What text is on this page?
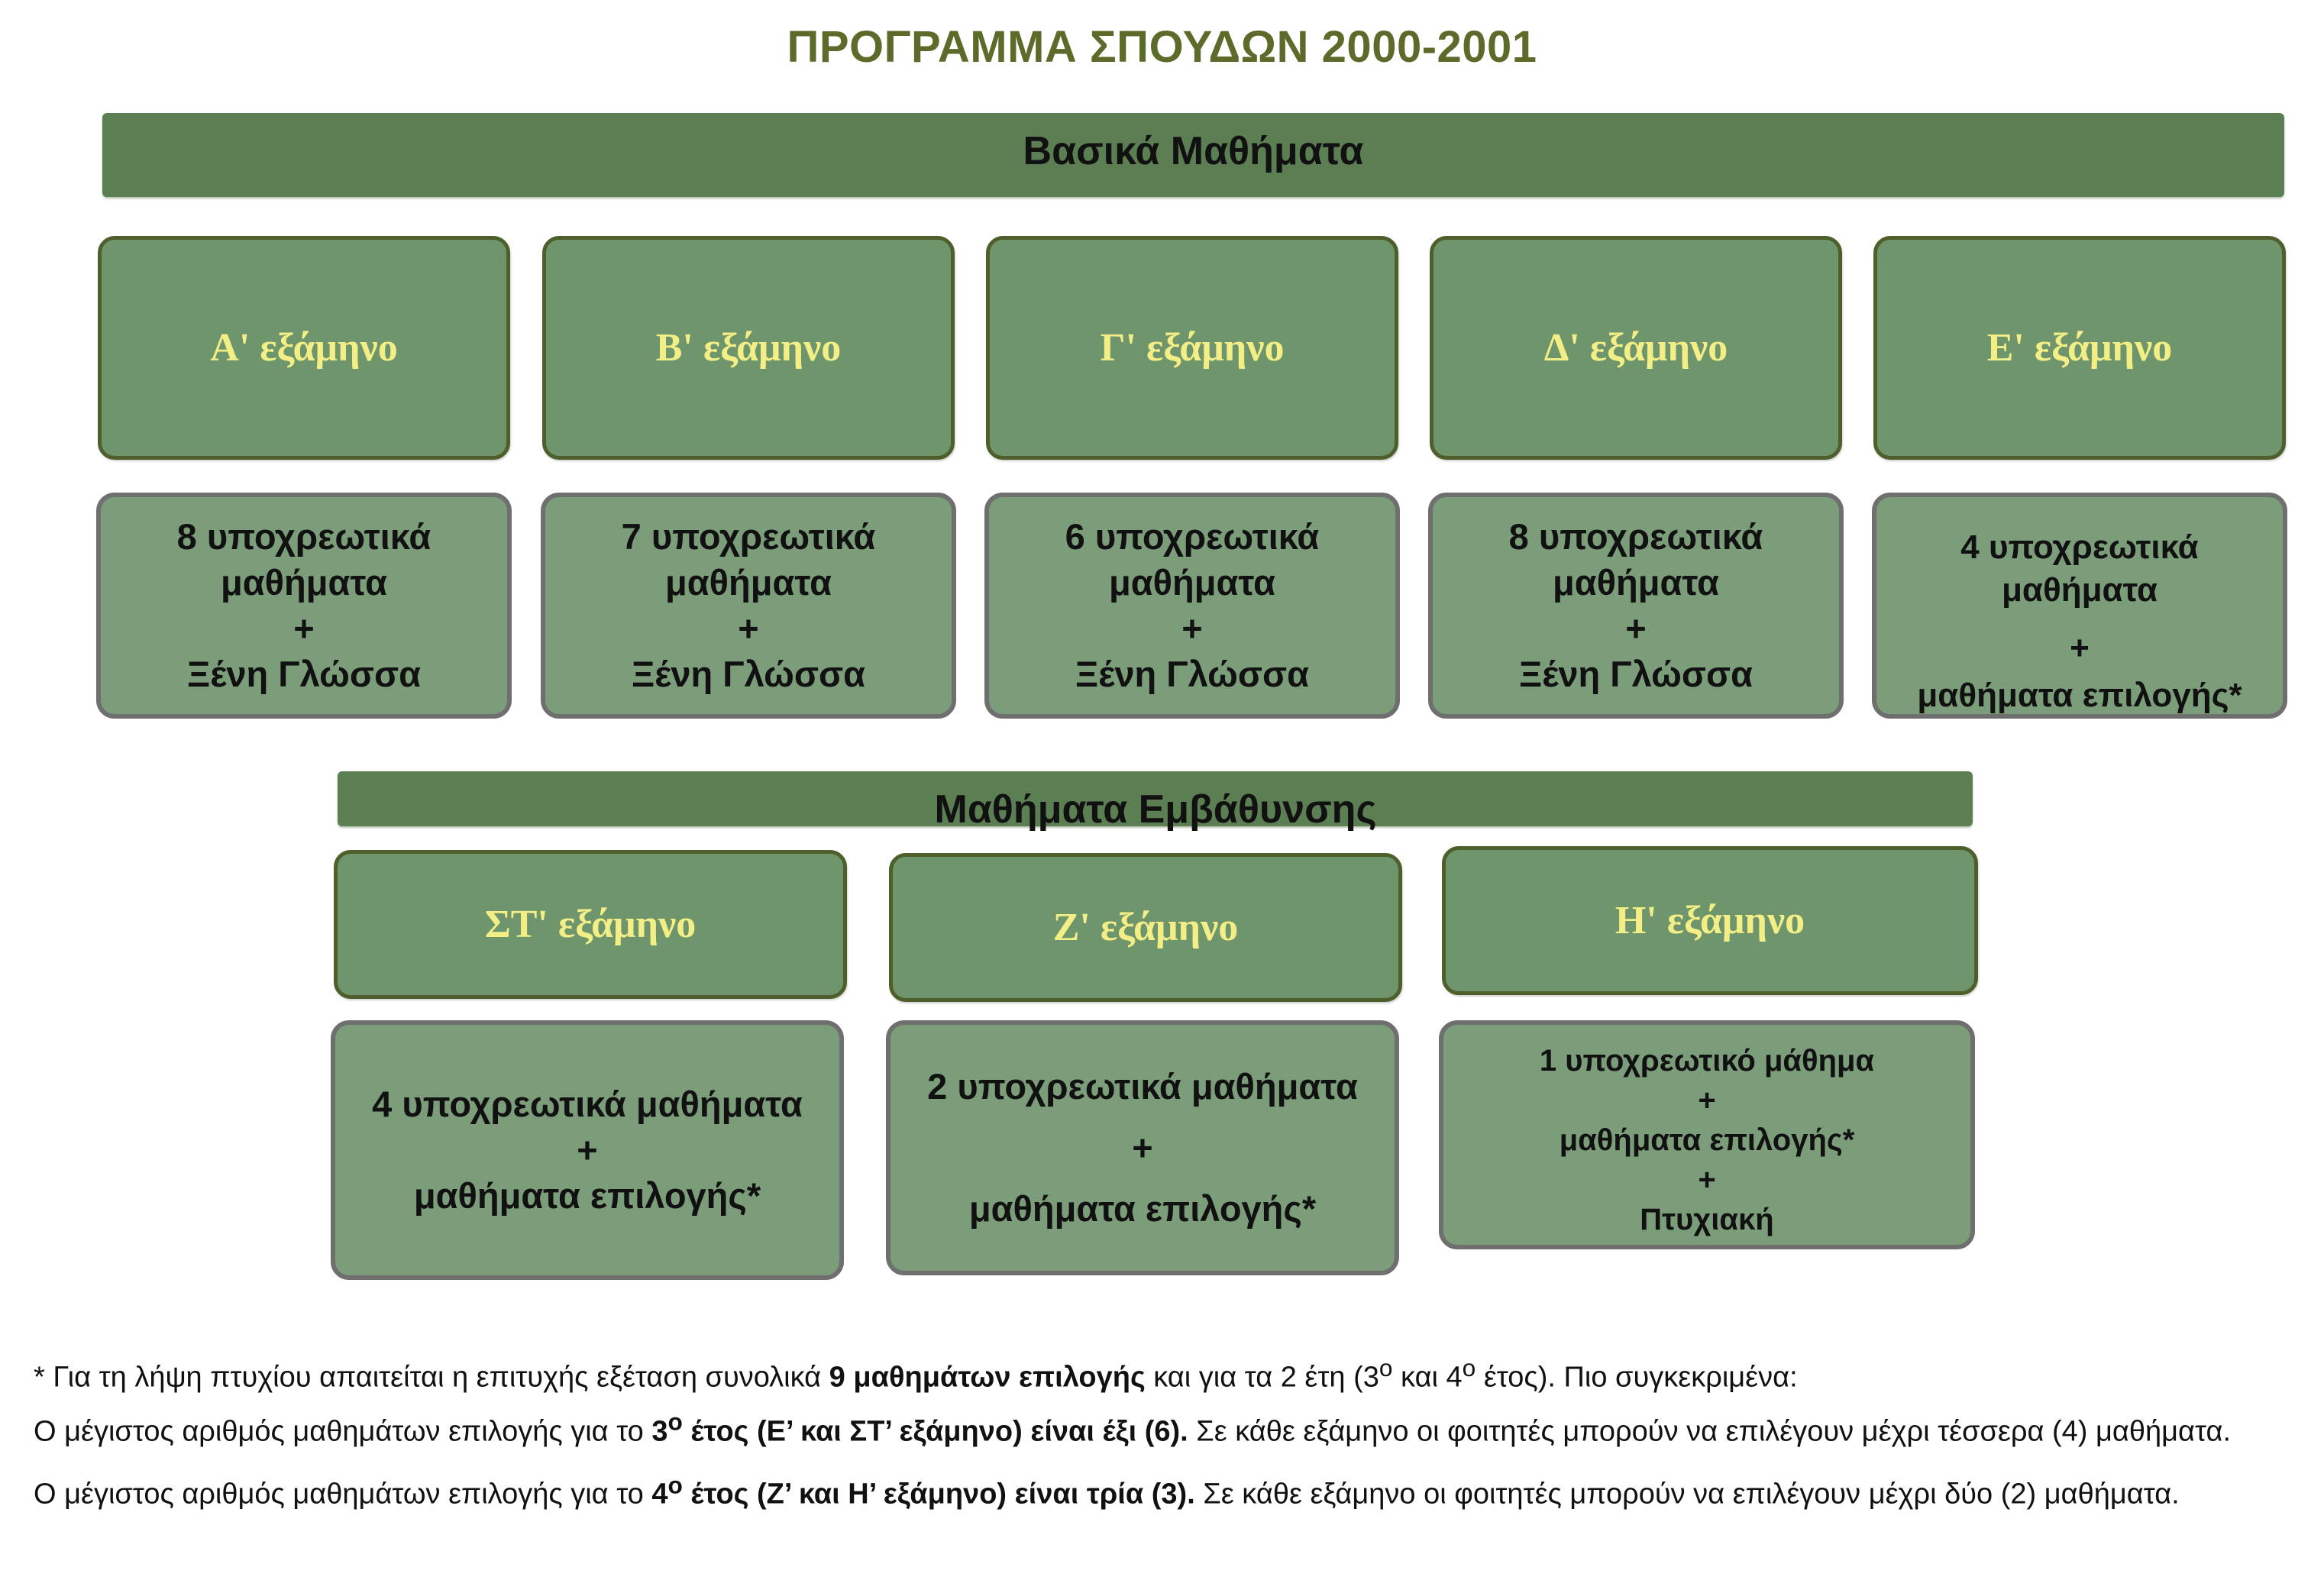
ΠΡΟΓΡΑΜΜΑ ΣΠΟΥΔΩΝ 2000-2001
Βασικά Μαθήματα
Α' εξάμηνο	Β' εξάμηνο	Γ' εξάμηνο	Δ' εξάμηνο	Ε' εξάμηνο
8 υποχρεωτικά
μαθήματα
+
Ξένη Γλώσσα
7 υποχρεωτικά
μαθήματα
+
Ξένη Γλώσσα
6 υποχρεωτικά
μαθήματα
+
Ξένη Γλώσσα
8 υποχρεωτικά
μαθήματα
+
Ξένη Γλώσσα
4 υποχρεωτικά
μαθήματα
+
μαθήματα επιλογής*
Μαθήματα Εμβάθυνσης
ΣΤ' εξάμηνο	Ζ' εξάμηνο	Η' εξάμηνο
4 υποχρεωτικά μαθήματα
+
μαθήματα επιλογής*
2 υποχρεωτικά μαθήματα
+
μαθήματα επιλογής*
1 υποχρεωτικό μάθημα
+
μαθήματα επιλογής*
+
Πτυχιακή

* Για τη λήψη πτυχίου απαιτείται η επιτυχής εξέταση συνολικά 9 μαθημάτων επιλογής και για τα 2 έτη ($3^o$ και $4^o$ έτος). Πιο συγκεκριμένα:

Ο μέγιστος αριθμός μαθημάτων επιλογής για το $3^o$ έτος (Ε’ και ΣΤ’ εξάμηνο) είναι έξι (6). Σε κάθε εξάμηνο οι φοιτητές μπορούν να επιλέγουν μέχρι τέσσερα (4) μαθήματα.

Ο μέγιστος αριθμός μαθημάτων επιλογής για το $4^o$ έτος (Ζ’ και Η’ εξάμηνο) είναι τρία (3). Σε κάθε εξάμηνο οι φοιτητές μπορούν να επιλέγουν μέχρι δύο (2) μαθήματα.
